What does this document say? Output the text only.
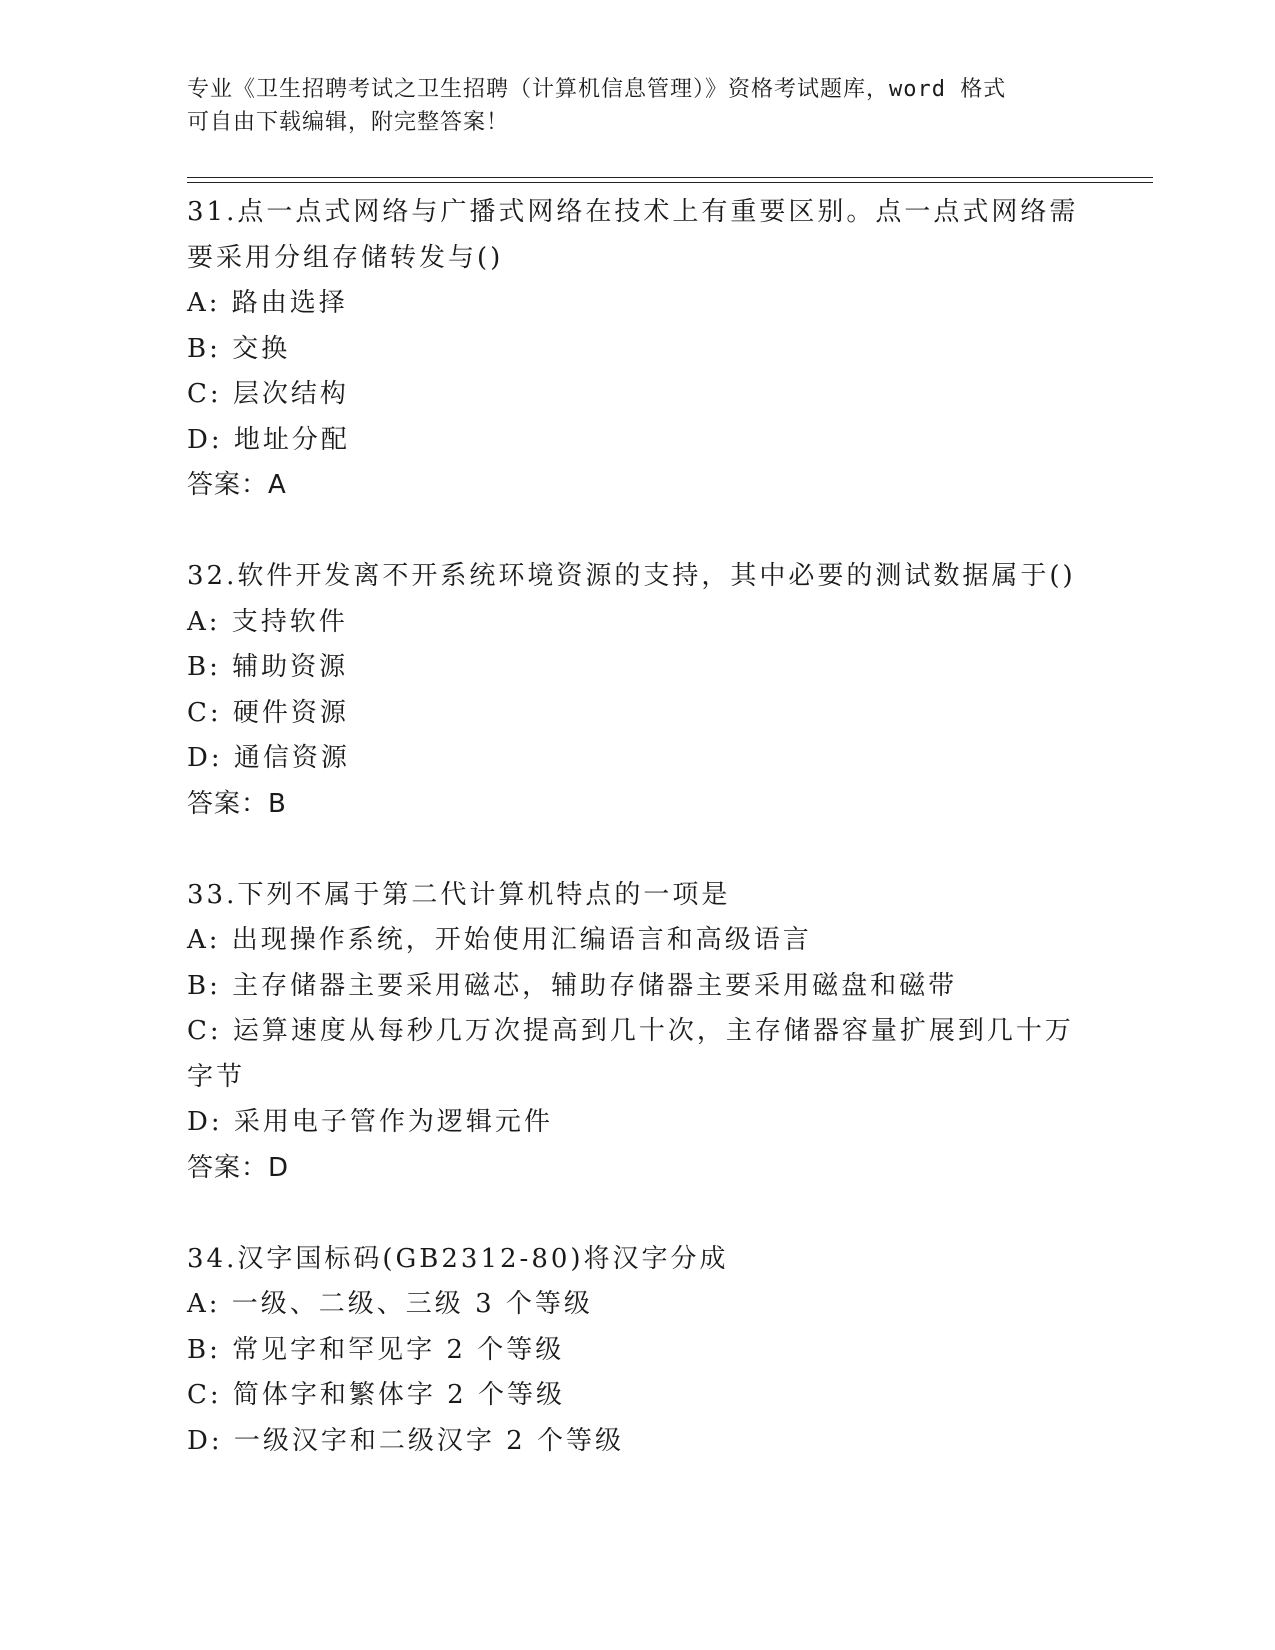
专业《卫生招聘考试之卫生招聘（计算机信息管理）》资格考试题库，word 格式
可自由下载编辑，附完整答案！
31.点一点式网络与广播式网络在技术上有重要区别。点一点式网络需
要采用分组存储转发与()
A: 路由选择
B: 交换
C: 层次结构
D: 地址分配
答案：A
32.软件开发离不开系统环境资源的支持，其中必要的测试数据属于()
A: 支持软件
B: 辅助资源
C: 硬件资源
D: 通信资源
答案：B
33.下列不属于第二代计算机特点的一项是
A: 出现操作系统，开始使用汇编语言和高级语言
B: 主存储器主要采用磁芯，辅助存储器主要采用磁盘和磁带
C: 运算速度从每秒几万次提高到几十次，主存储器容量扩展到几十万
字节
D: 采用电子管作为逻辑元件
答案：D
34.汉字国标码(GB2312-80)将汉字分成
A: 一级、二级、三级 3 个等级
B: 常见字和罕见字 2 个等级
C: 简体字和繁体字 2 个等级
D: 一级汉字和二级汉字 2 个等级
